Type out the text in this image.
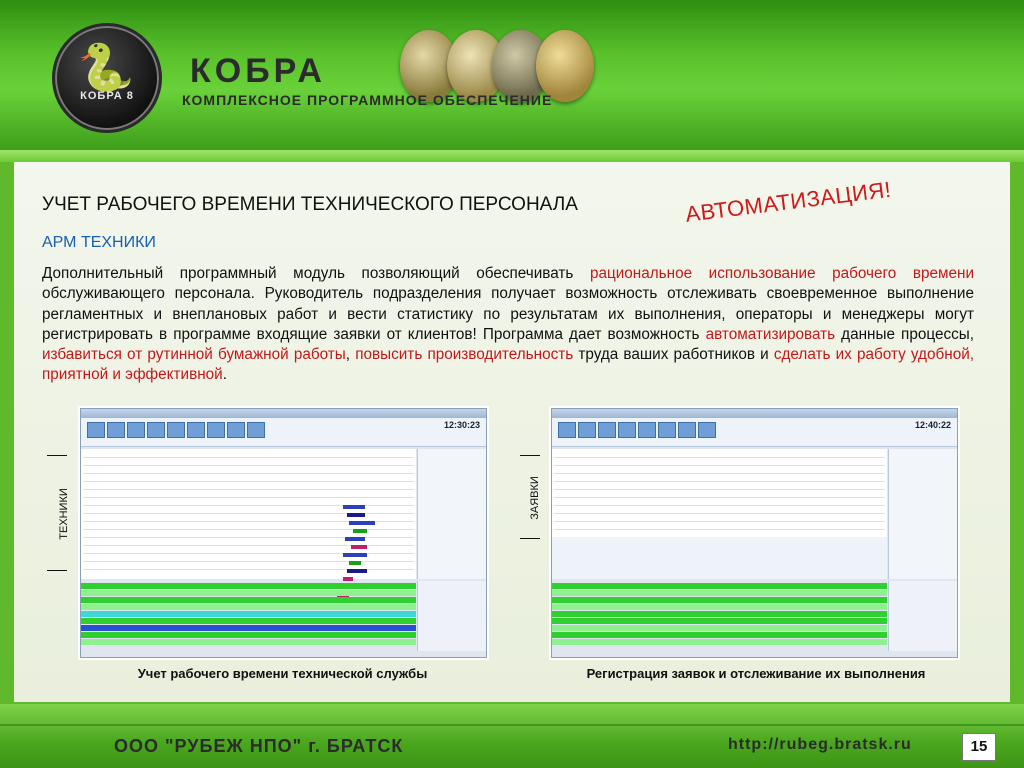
🐍
КОБРА 8
КОБРА
КОМПЛЕКСНОЕ ПРОГРАММНОЕ ОБЕСПЕЧЕНИЕ
УЧЕТ РАБОЧЕГО ВРЕМЕНИ ТЕХНИЧЕСКОГО ПЕРСОНАЛА	АВТОМАТИЗАЦИЯ!
АРМ ТЕХНИКИ
Дополнительный программный модуль позволяющий обеспечивать рациональное использование рабочего времени обслуживающего персонала. Руководитель подразделения получает возможность отслеживать своевременное выполнение регламентных и внеплановых работ и вести статистику по результатам их выполнения, операторы и менеджеры могут регистрировать в программе входящие заявки от клиентов! Программа дает возможность автоматизировать данные процессы, избавиться от рутинной бумажной работы, повысить производительность труда ваших работников и сделать их работу удобной, приятной и эффективной.
ТЕХНИКИ
12:30:23
Учет рабочего времени технической службы
ЗАЯВКИ
12:40:22
Регистрация заявок и отслеживание их выполнения
ООО "РУБЕЖ НПО" г. БРАТСК	http://rubeg.bratsk.ru	15
